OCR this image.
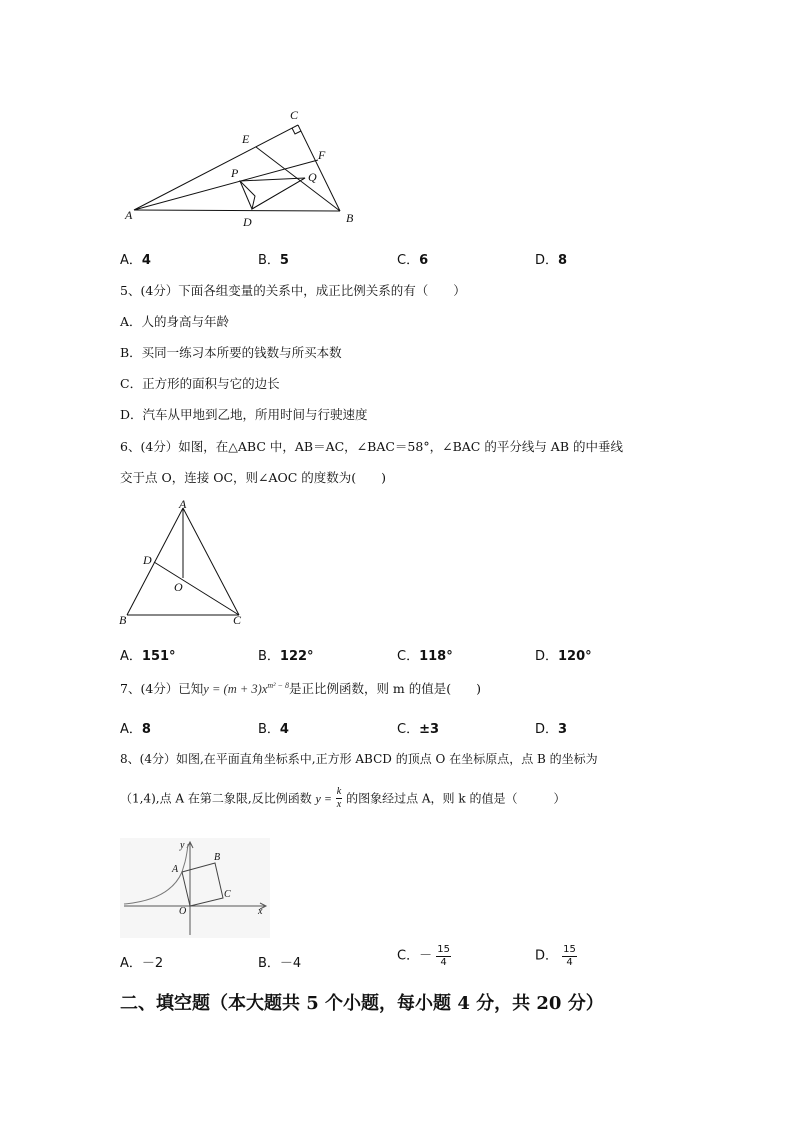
A	B
C
D
E
F
P	Q
A．4	B．5	C．6	D．8
5、(4分）下面各组变量的关系中，成正比例关系的有（　　）
A．人的身高与年龄
B．买同一练习本所要的钱数与所买本数
C．正方形的面积与它的边长
D．汽车从甲地到乙地，所用时间与行驶速度
6、(4分）如图，在△ABC 中，AB＝AC，∠BAC＝58°，∠BAC 的平分线与 AB 的中垂线
交于点 O，连接 OC，则∠AOC 的度数为(　　)
A
B	C
D
O
A．151°	B．122°	C．118°	D．120°
7、(4分）已知$y = (m + 3)x^{m^2 - 8}$是正比例函数，则 m 的值是(　　)
A．8	B．4	C．±3	D．3
8、(4分）如图,在平面直角坐标系中,正方形 ABCD 的顶点 O 在坐标原点，点 B 的坐标为
（1,4),点 A 在第二象限,反比例函数 $y = \frac{k}{x}$ 的图象经过点 A，则 k 的值是（　　　）
y
x
A
B
C
O
A．－2	B．－4	C．－ $\frac{15}{4}$	D． $\frac{15}{4}$
二、填空题（本大题共 5 个小题，每小题 4 分，共 20 分）
